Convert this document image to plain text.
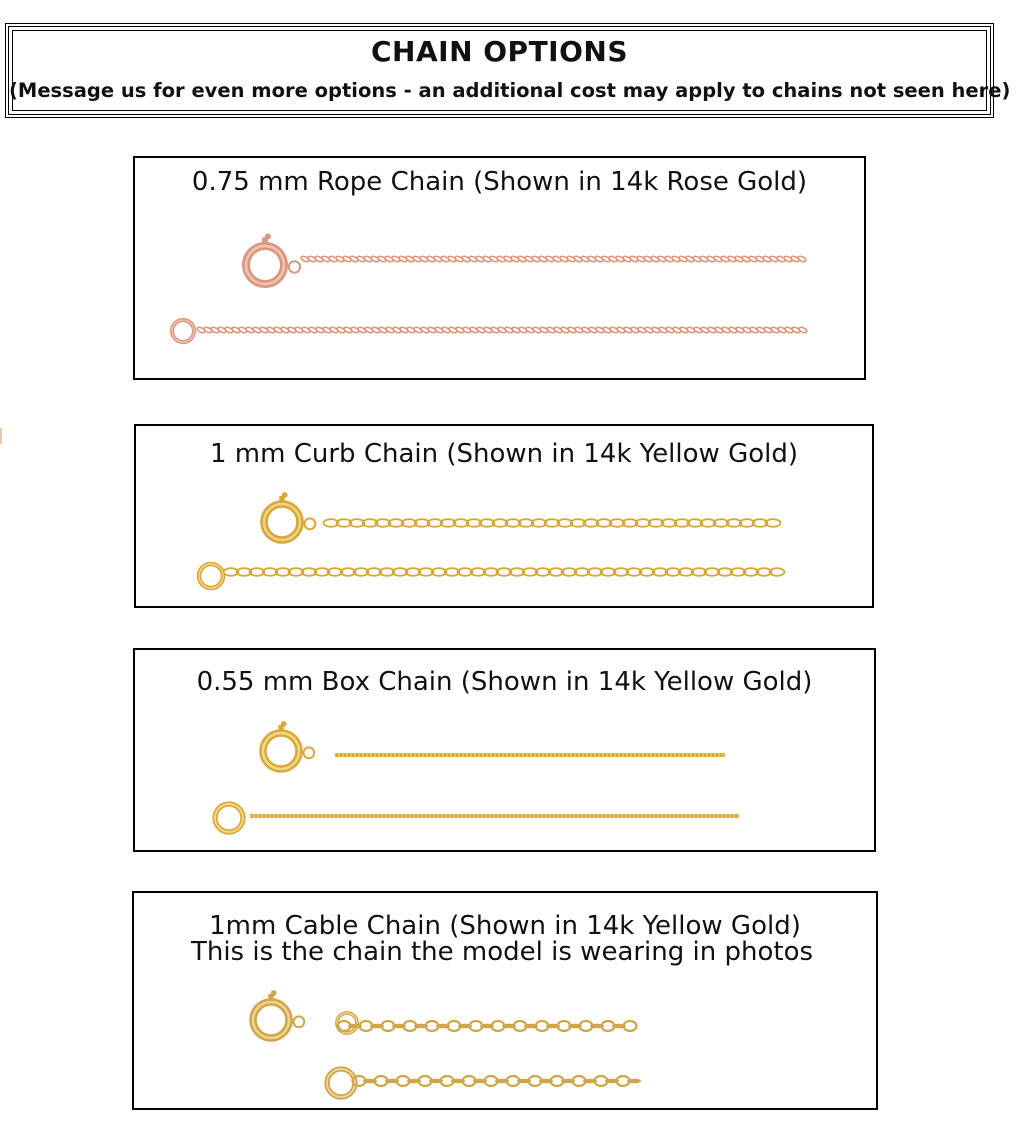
CHAIN OPTIONS
(Message us for even more options - an additional cost may apply to chains not seen here)
0.75 mm Rope Chain (Shown in 14k Rose Gold)
1 mm Curb Chain (Shown in 14k Yellow Gold)
0.55 mm Box Chain (Shown in 14k Yellow Gold)
1mm Cable Chain (Shown in 14k Yellow Gold)
This is the chain the model is wearing in photos
